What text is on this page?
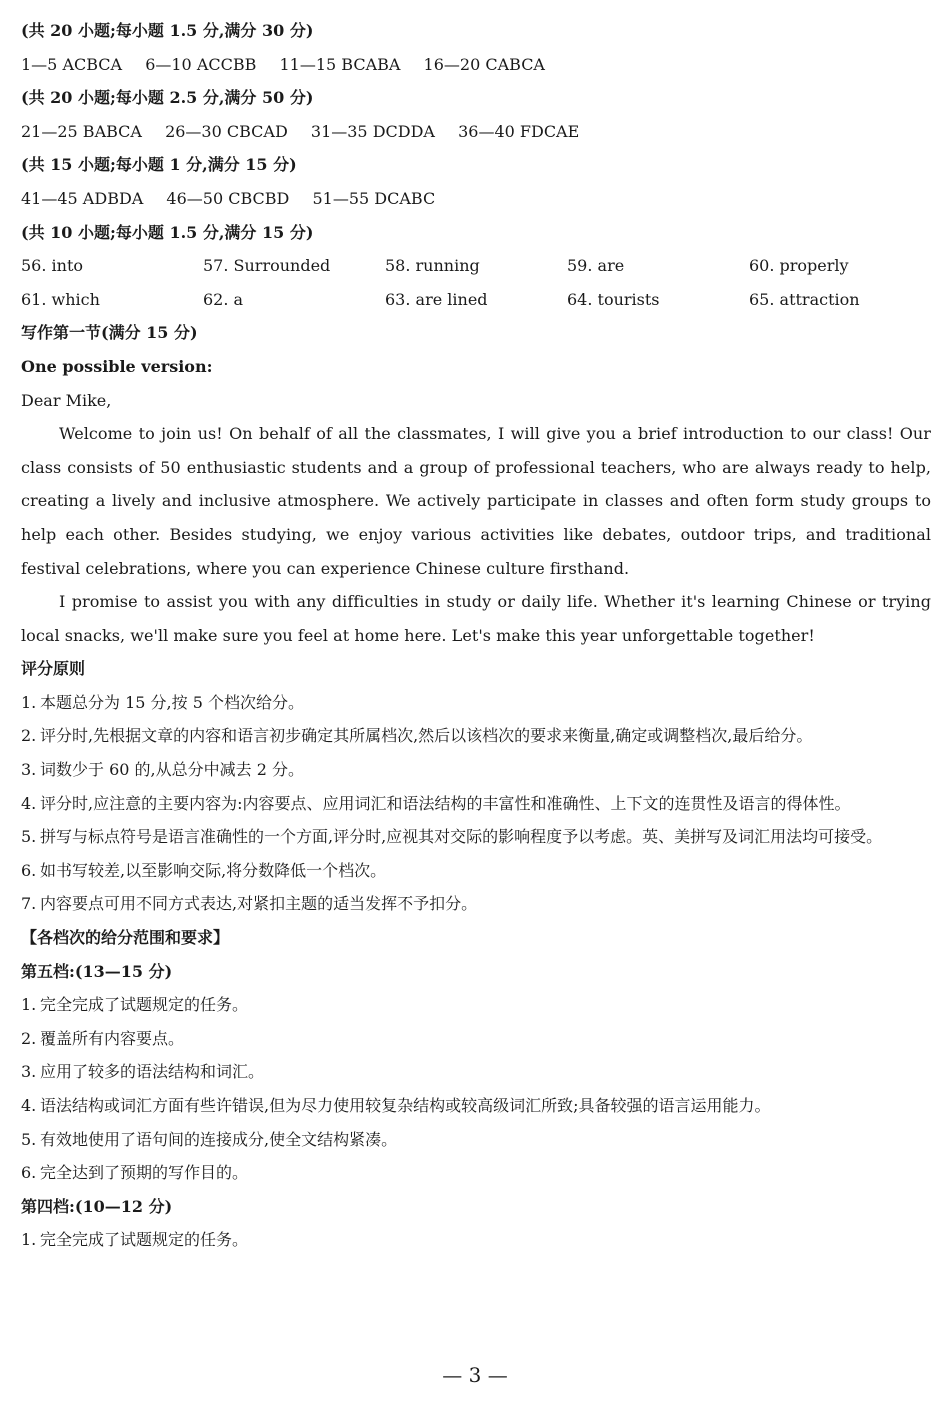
(共 20 小题;每小题 1.5 分,满分 30 分)
1—5 ACBCA 6—10 ACCBB 11—15 BCABA 16—20 CABCA
(共 20 小题;每小题 2.5 分,满分 50 分)
21—25 BABCA 26—30 CBCAD 31—35 DCDDA 36—40 FDCAE
(共 15 小题;每小题 1 分,满分 15 分)
41—45 ADBDA 46—50 CBCBD 51—55 DCABC
(共 10 小题;每小题 1.5 分,满分 15 分)
56. into	57. Surrounded	58. running	59. are	60. properly
61. which	62. a	63. are lined	64. tourists	65. attraction
写作第一节(满分 15 分)
One possible version:
Dear Mike,
Welcome to join us! On behalf of all the classmates, I will give you a brief introduction to our class! Our class consists of 50 enthusiastic students and a group of professional teachers, who are always ready to help, creating a lively and inclusive atmosphere. We actively participate in classes and often form study groups to help each other. Besides studying, we enjoy various activities like debates, outdoor trips, and traditional festival celebrations, where you can experience Chinese culture firsthand.
I promise to assist you with any difficulties in study or daily life. Whether it's learning Chinese or trying local snacks, we'll make sure you feel at home here. Let's make this year unforgettable together!
评分原则
1. 本题总分为 15 分,按 5 个档次给分。
2. 评分时,先根据文章的内容和语言初步确定其所属档次,然后以该档次的要求来衡量,确定或调整档次,最后给分。
3. 词数少于 60 的,从总分中减去 2 分。
4. 评分时,应注意的主要内容为:内容要点、应用词汇和语法结构的丰富性和准确性、上下文的连贯性及语言的得体性。
5. 拼写与标点符号是语言准确性的一个方面,评分时,应视其对交际的影响程度予以考虑。英、美拼写及词汇用法均可接受。
6. 如书写较差,以至影响交际,将分数降低一个档次。
7. 内容要点可用不同方式表达,对紧扣主题的适当发挥不予扣分。
【各档次的给分范围和要求】
第五档:(13—15 分)
1. 完全完成了试题规定的任务。
2. 覆盖所有内容要点。
3. 应用了较多的语法结构和词汇。
4. 语法结构或词汇方面有些许错误,但为尽力使用较复杂结构或较高级词汇所致;具备较强的语言运用能力。
5. 有效地使用了语句间的连接成分,使全文结构紧凑。
6. 完全达到了预期的写作目的。
第四档:(10—12 分)
1. 完全完成了试题规定的任务。
— 3 —
